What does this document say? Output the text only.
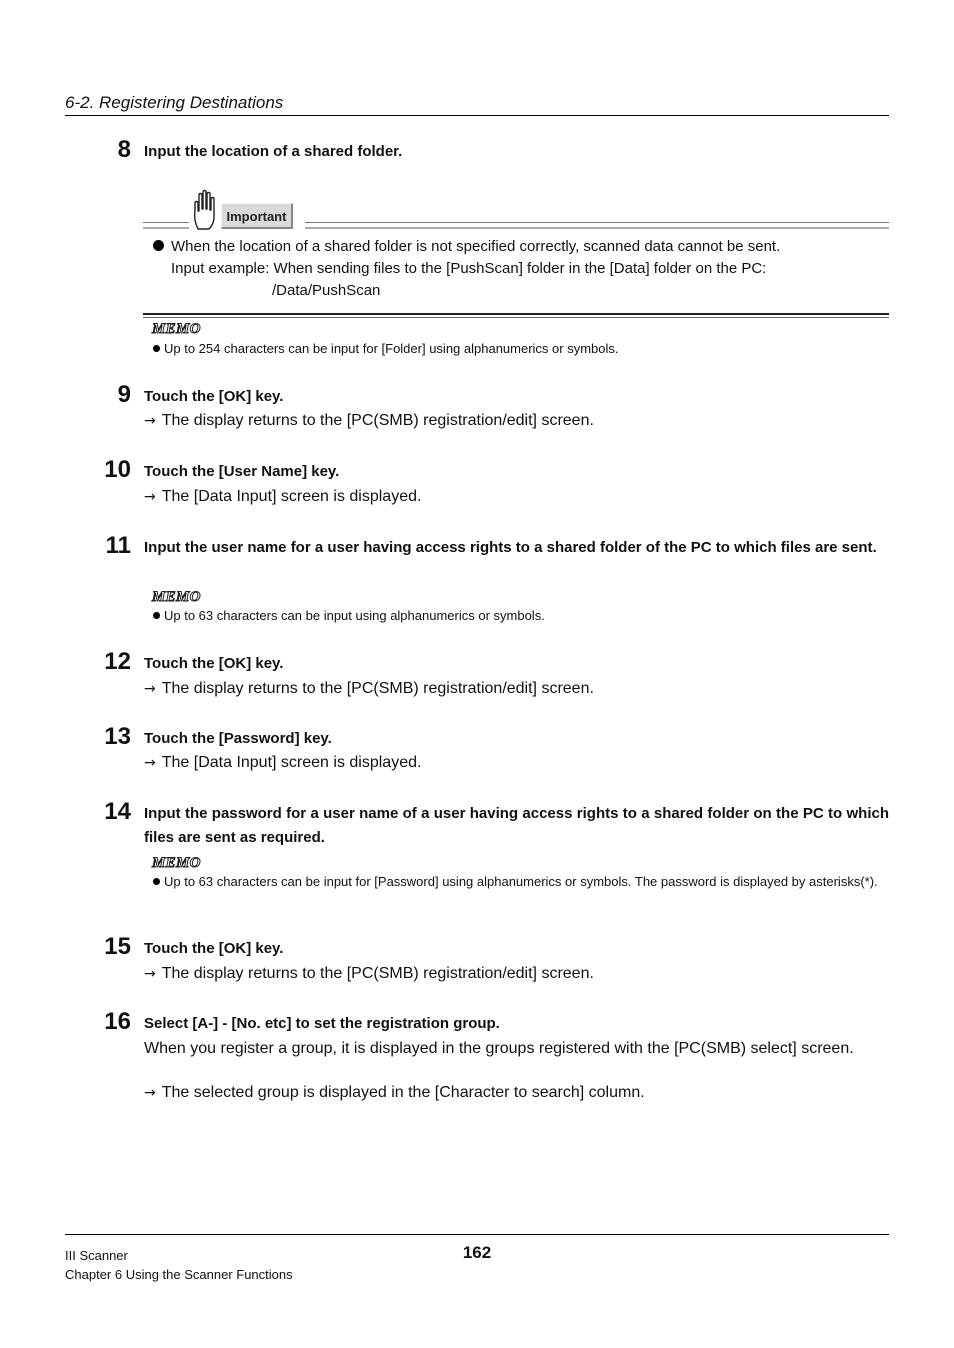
6-2. Registering Destinations
8 Input the location of a shared folder.
Important
When the location of a shared folder is not specified correctly, scanned data cannot be sent.
Input example: When sending files to the [PushScan] folder in the [Data] folder on the PC:
/Data/PushScan
MEMO
Up to 254 characters can be input for [Folder] using alphanumerics or symbols.
9 Touch the [OK] key.
→ The display returns to the [PC(SMB) registration/edit] screen.
10 Touch the [User Name] key.
→ The [Data Input] screen is displayed.
11 Input the user name for a user having access rights to a shared folder of the PC to which files are sent.
MEMO
Up to 63 characters can be input using alphanumerics or symbols.
12 Touch the [OK] key.
→ The display returns to the [PC(SMB) registration/edit] screen.
13 Touch the [Password] key.
→ The [Data Input] screen is displayed.
14 Input the password for a user name of a user having access rights to a shared folder on the PC to which files are sent as required.
MEMO
Up to 63 characters can be input for [Password] using alphanumerics or symbols. The password is displayed by asterisks(*).
15 Touch the [OK] key.
→ The display returns to the [PC(SMB) registration/edit] screen.
16 Select [A-] - [No. etc] to set the registration group.
When you register a group, it is displayed in the groups registered with the [PC(SMB) select] screen.
→ The selected group is displayed in the [Character to search] column.
III Scanner
Chapter 6 Using the Scanner Functions
162
